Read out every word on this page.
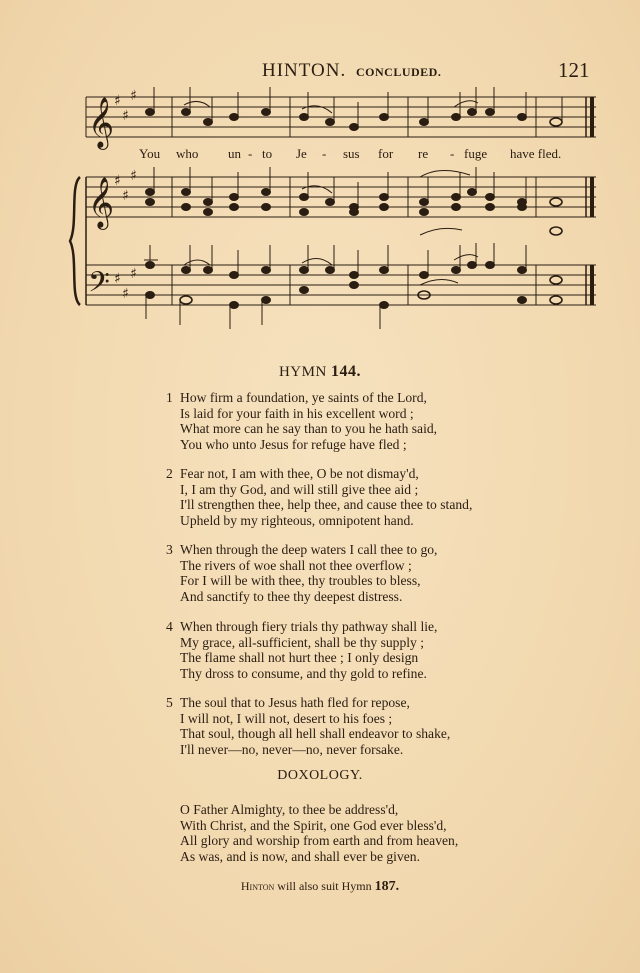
HINTON. CONCLUDED.	121
𝄞
𝄞
𝄢
♯
♯
♯
♯
♯
♯
♯
♯
♯
You who un - to Je - sus for re - fuge have fled.
HYMN 144.
1 How firm a foundation, ye saints of the Lord,
Is laid for your faith in his excellent word ;
What more can he say than to you he hath said,
You who unto Jesus for refuge have fled ;
2 Fear not, I am with thee, O be not dismay'd,
I, I am thy God, and will still give thee aid ;
I'll strengthen thee, help thee, and cause thee to stand,
Upheld by my righteous, omnipotent hand.
3 When through the deep waters I call thee to go,
The rivers of woe shall not thee overflow ;
For I will be with thee, thy troubles to bless,
And sanctify to thee thy deepest distress.
4 When through fiery trials thy pathway shall lie,
My grace, all-sufficient, shall be thy supply ;
The flame shall not hurt thee ; I only design
Thy dross to consume, and thy gold to refine.
5 The soul that to Jesus hath fled for repose,
I will not, I will not, desert to his foes ;
That soul, though all hell shall endeavor to shake,
I'll never—no, never—no, never forsake.
DOXOLOGY.
O Father Almighty, to thee be address'd,
With Christ, and the Spirit, one God ever bless'd,
All glory and worship from earth and from heaven,
As was, and is now, and shall ever be given.
Hinton will also suit Hymn 187.
